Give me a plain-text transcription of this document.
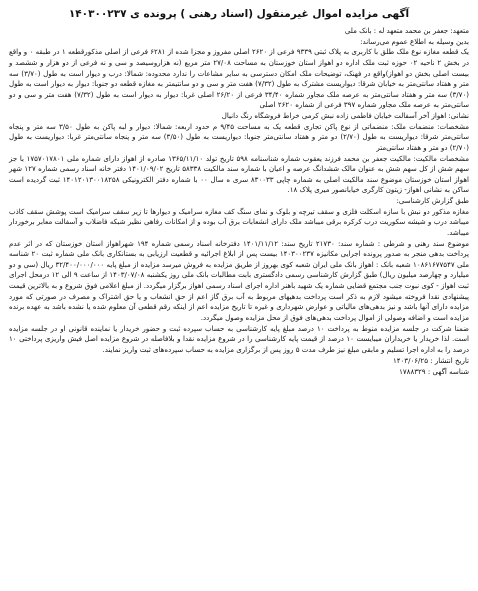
آگهی مزایده اموال غیرمنقول (اسناد رهنی ) پرونده ی ۱۴۰۳۰۰۲۳۷

متعهد: جعفر بن محمد متعهد له : بانک ملی

بدین وسیله به اطلاع عموم می‌رساند:

یک قطعه مغازه نوع ملک طلق با کاربری به پلاک ثبتی ۹۳۳۹ فرعی از ۲۶۲۰ اصلی مفروز و مجزا شده از ۶۲۸۱ فرعی از اصلی مذکورقطعه ۱ در طبقه ۰ و واقع در بخش ۲ ناحیه ۰۲ حوزه ثبت ملک اداره دو اهواز استان خوزستان به مساحت ۲۷/۰۸ متر مربع (نه هزاروسیصد و سی و نه فرعی از دو هزار و ششصد و بیست اصلی بخش دو اهواز)واقع در فهنک، توضیحات ملک امکان دسترسی به سایر مشاعات را ندارد محدوده: شمالا: درب و دیوار است به طول (۳/۷۰) سه متر و هفتاد سانتی‌متر به خیابان شرقا: دیواریست مشترک به طول (۷/۳۲) هفت متر و سی و دو سانتیمتر به مغازه قطعه دو جنوبا: دیوار به دیوار است به طول (۳/۷۰) سه متر و هفتاد سانتی‌متر به عرصه ملک مجاور شماره ۳۴/۴۰ فرعی از ۲۶/۲۰ اصلی غربا: دیوار به دیوار است به طول (۷/۳۲) هفت متر و سی و دو سانتی‌متر به عرصه ملک مجاور شماره ۳۹۷ فرعی از شماره ۲۶۲۰ اصلی

نشانی: اهواز آخر آسفالت خیابان فاطمی زاده نبش کرمی خراط فروشگاه رنگ دانیال

مشخصات: منضمات ملک: منضماتی از نوع پاکن تجاری قطعه یک به مساحت ۹/۴۵ م حدود اربعه: شمالا: دیوار و لبه پاکن به طول ۳/۵۰ سه متر و پنجاه سانتی‌متر شرقا: دیواریست به طول (۲/۷۰) دو متر و هفتاد سانتی‌متر جنوبا: دیواریست به طول (۳/۵۰) سه متر و پنجاه سانتی‌متر غربا: دیواریست به طول (۲/۷۰) دو متر و هفتاد سانتی‌متر

مشخصات مالکیت: مالکیت جعفر بن محمد فرزند یعقوب شماره شناسنامه ۵۹۸ تاریخ تولد ۱۳۶۵/۱۱/۱۰ صادره از اهواز دارای شماره ملی ۱۷۵۷۰۱۷۸۰۱ با جز سهم شش از کل سهم شش به عنوان مالک ششدانگ عرصه و اعیان با شماره سند مالکیت ۵۸۳۳۸ تاریخ ۱۴۰۱/۰۹/۰۲ دفتر خانه اسناد رسمی شماره ۱۲۷ شهر اهواز استان خوزستان موضوع سند مالکیت اصلی به شماره چاپی ۸۳۰۰۳۳ سری ه سال ۰۰ با شماره دفتر الکترونیکی ۱۴۰۱۲۰۱۳۰۰۱۸۲۵۸ ثبت گردیده است ساکن به نشانی اهواز- زیتون کارگری خیابانصور میری پلاک ۱۸.

طبق گزارش کارشناسی:

مغازه مذکور دو نبش با سازه اسکلت فلزی و سقف تیرچه و بلوک و نمای سنگ کف مغازه سرامیک و دیوارها تا زیر سقف سرامیک است پوشش سقف کاذب میباشد درب و شیشه سکوریت درب کرکره برقی میباشد ملک دارای انشعابات برق آب بوده و از امکانات رفاهی نظیر شبکه فاضلاب و آسفالت معابر برخوردار میباشد.

موضوع سند رهنی و شرطی : شماره سند: ۲۱۷۳۰ تاریخ سند: ۱۴۰۱/۱۱/۱۲ دفترخانه اسناد رسمی شماره ۱۹۴ شهراهواز استان خوزستان که در اثر عدم پرداخت بدهی منجر به صدور پرونده اجرایی مکانیزه ۱۴۰۳۰۰۲۳۷ بیست پس از ابلاغ اجرائیه و قطعیت ارزیابی به بستانکاری بانک ملی شماره ثبت ۲۰ شناسه ملی ۱۰۸۶۱۶۷۷۵۴۷ شعبه بانک : اهواز بانک ملی ایران شعبه کوی بهروز از طریق مزایده به فروش میرسد مزایده از مبلغ پایه ۳۲/۴۰۰/۰۰۰/۰۰۰ ریال (سی و دو میلیارد و چهارصد میلیون ریال) طبق گزارش کارشناسی رسمی دادگستری بابت مطالبات بانک ملی روز یکشنبه ۱۴۰۳/۰۷/۰۸ از ساعت ۹ الی ۱۲ درمحل اجرای ثبت اهواز - کوی نبوت جنب مجتمع قضایی شماره یک شهید باهنر اداره اجرای اسناد رسمی اهواز برگزار میگردد. از مبلغ اعلامی فوق شروع و به بالاترین قیمت پیشنهادی نقدا فروخته میشود لازم به ذکر است پرداخت بدهیهای مربوط به آب برق گاز اعم از حق انشعاب و یا حق اشتراک و مصرف در صورتی که مورد مزایده دارای آنها باشد و نیز بدهی‌های مالیاتی و عوارض شهرداری و غیره تا تاریخ مزایده اعم از اینکه رقم قطعی آن معلوم شده یا نشده باشد به عهده برنده مزایده است و اضافه وصولی از اموال پرداخت بدهی‌های فوق از محل مزایده وصول میگردد.

ضمنا شرکت در جلسه مزایده منوط به پرداخت ۱۰ درصد مبلغ پایه کارشناسی به حساب سپرده ثبت و حضور خریدار یا نماینده قانونی او در جلسه مزایده است. لذا خریدار یا خریداران میبایست ۱۰ درصد از قیمت پایه کارشناسی را در شروع مزایده نقدا و بلافاصله در شروع مزایده اصل فیش واریزی پرداختی ۱۰ درصد را به اداره اجرا تسلیم و مابقی مبلغ نیز طرف مدت ۵ روز پس از برگزاری مزایده به حساب سپرده‌های ثبت واریز نمایند.

تاریخ انتشار : ۱۴۰۳/۰۶/۲۵

شناسه آگهی : ۱۷۸۸۳۲۹
